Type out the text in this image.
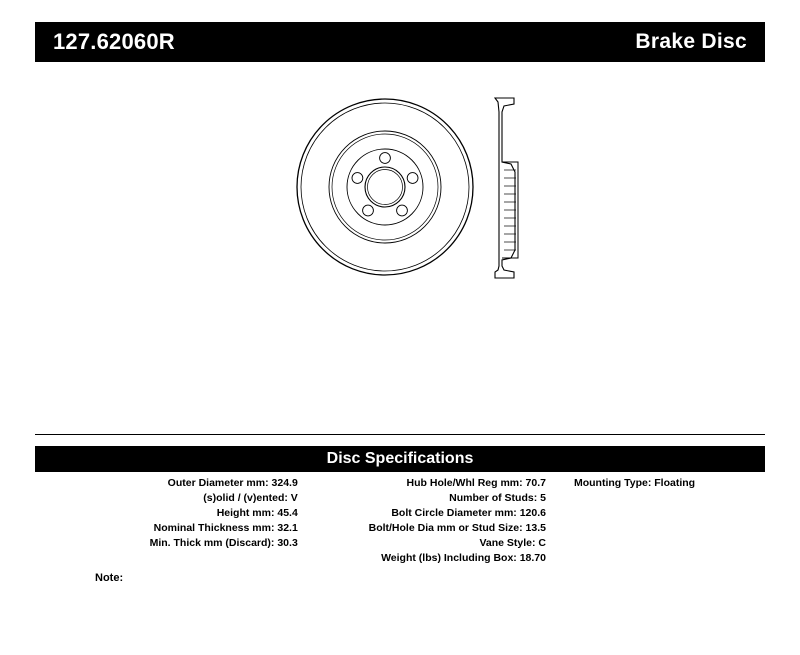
127.62060R	Brake Disc
Disc Specifications
Outer Diameter mm: 324.9
(s)olid / (v)ented: V
Height mm: 45.4
Nominal Thickness mm: 32.1
Min. Thick mm (Discard): 30.3
Hub Hole/Whl Reg mm: 70.7
Number of Studs: 5
Bolt Circle Diameter mm: 120.6
Bolt/Hole Dia mm or Stud Size: 13.5
Vane Style: C
Weight (lbs) Including Box: 18.70
Mounting Type: Floating
Note:
